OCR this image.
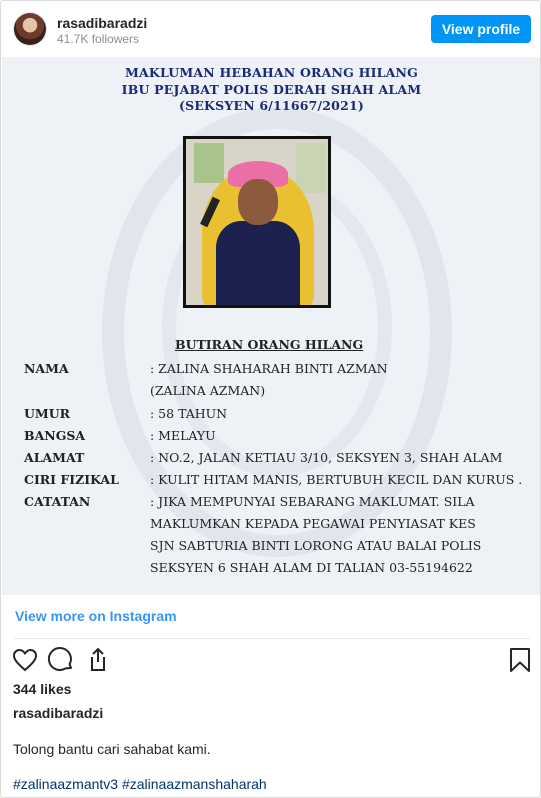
rasadibaradzi
41.7K followers
View profile
MAKLUMAN HEBAHAN ORANG HILANG
IBU PEJABAT POLIS DERAH SHAH ALAM
(SEKSYEN 6/11667/2021)
BUTIRAN ORANG HILANG
NAMA	: ZALINA SHAHARAH BINTI AZMAN
(ZALINA AZMAN)
UMUR	: 58 TAHUN
BANGSA	: MELAYU
ALAMAT	: NO.2, JALAN KETIAU 3/10, SEKSYEN 3, SHAH ALAM
CIRI FIZIKAL : KULIT HITAM MANIS, BERTUBUH KECIL DAN KURUS .
CATATAN	: JIKA MEMPUNYAI SEBARANG MAKLUMAT. SILA
MAKLUMKAN KEPADA PEGAWAI PENYIASAT KES
SJN SABTURIA BINTI LORONG ATAU BALAI POLIS
SEKSYEN 6 SHAH ALAM DI TALIAN 03-55194622
View more on Instagram
344 likes
rasadibaradzi
Tolong bantu cari sahabat kami.
#zalinaazmantv3 #zalinaazmanshaharah
